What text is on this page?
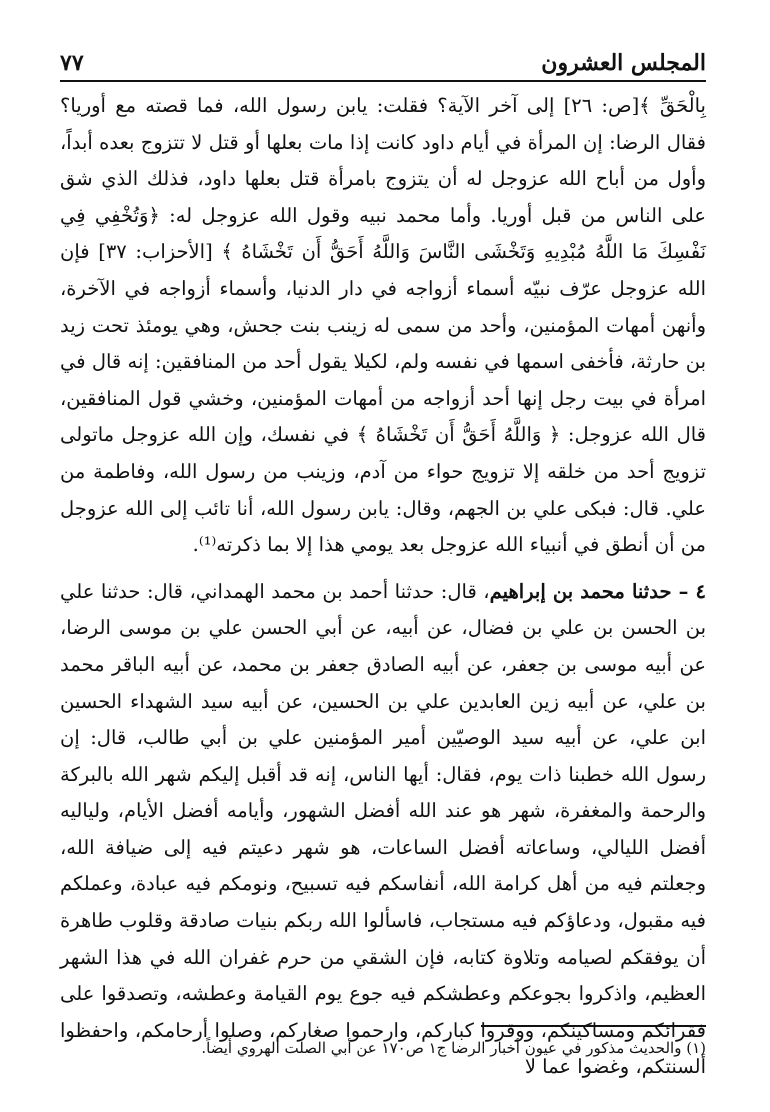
المجلس العشرون
٧٧

بِالْحَقِّ ﴾[ص: ٢٦] إلى آخر الآية؟ فقلت: يابن رسول الله، فما قصته مع أوريا؟ فقال الرضا: إن المرأة في أيام داود كانت إذا مات بعلها أو قتل لا تتزوج بعده أبداً، وأول من أباح الله عزوجل له أن يتزوج بامرأة قتل بعلها داود، فذلك الذي شق على الناس من قبل أوريا. وأما محمد نبيه وقول الله عزوجل له: ﴿وَتُخْفِي فِي نَفْسِكَ مَا اللَّهُ مُبْدِيهِ وَتَخْشَى النَّاسَ وَاللَّهُ أَحَقُّ أَن تَخْشَاهُ ﴾ [الأحزاب: ٣٧] فإن الله عزوجل عرّف نبيّه أسماء أزواجه في دار الدنيا، وأسماء أزواجه في الآخرة، وأنهن أمهات المؤمنين، وأحد من سمى له زينب بنت جحش، وهي يومئذ تحت زيد بن حارثة، فأخفى اسمها في نفسه ولم، لكيلا يقول أحد من المنافقين: إنه قال في امرأة في بيت رجل إنها أحد أزواجه من أمهات المؤمنين، وخشي قول المنافقين، قال الله عزوجل: ﴿ وَاللَّهُ أَحَقُّ أَن تَخْشَاهُ ﴾ في نفسك، وإن الله عزوجل ماتولى تزويج أحد من خلقه إلا تزويج حواء من آدم، وزينب من رسول الله، وفاطمة من علي. قال: فبكى علي بن الجهم، وقال: يابن رسول الله، أنا تائب إلى الله عزوجل من أن أنطق في أنبياء الله عزوجل بعد يومي هذا إلا بما ذكرته⁽¹⁾.

٤ – حدثنا محمد بن إبراهيم، قال: حدثنا أحمد بن محمد الهمداني، قال: حدثنا علي بن الحسن بن علي بن فضال، عن أبيه، عن أبي الحسن علي بن موسى الرضا، عن أبيه موسى بن جعفر، عن أبيه الصادق جعفر بن محمد، عن أبيه الباقر محمد بن علي، عن أبيه زين العابدين علي بن الحسين، عن أبيه سيد الشهداء الحسين ابن علي، عن أبيه سيد الوصيّين أمير المؤمنين علي بن أبي طالب، قال: إن رسول الله خطبنا ذات يوم، فقال: أيها الناس، إنه قد أقبل إليكم شهر الله بالبركة والرحمة والمغفرة، شهر هو عند الله أفضل الشهور، وأيامه أفضل الأيام، ولياليه أفضل الليالي، وساعاته أفضل الساعات، هو شهر دعيتم فيه إلى ضيافة الله، وجعلتم فيه من أهل كرامة الله، أنفاسكم فيه تسبيح، ونومكم فيه عبادة، وعملكم فيه مقبول، ودعاؤكم فيه مستجاب، فاسألوا الله ربكم بنيات صادقة وقلوب طاهرة أن يوفقكم لصيامه وتلاوة كتابه، فإن الشقي من حرم غفران الله في هذا الشهر العظيم، واذكروا بجوعكم وعطشكم فيه جوع يوم القيامة وعطشه، وتصدقوا على فقرائكم ومساكينكم، ووقروا كباركم، وارحموا صغاركم، وصلوا أرحامكم، واحفظوا ألسنتكم، وغضوا عما لا

(١) والحديث مذكور في عيون أخبار الرضا ج١ ص١٧٠ عن أبي الصلت الهروي أيضاً.
